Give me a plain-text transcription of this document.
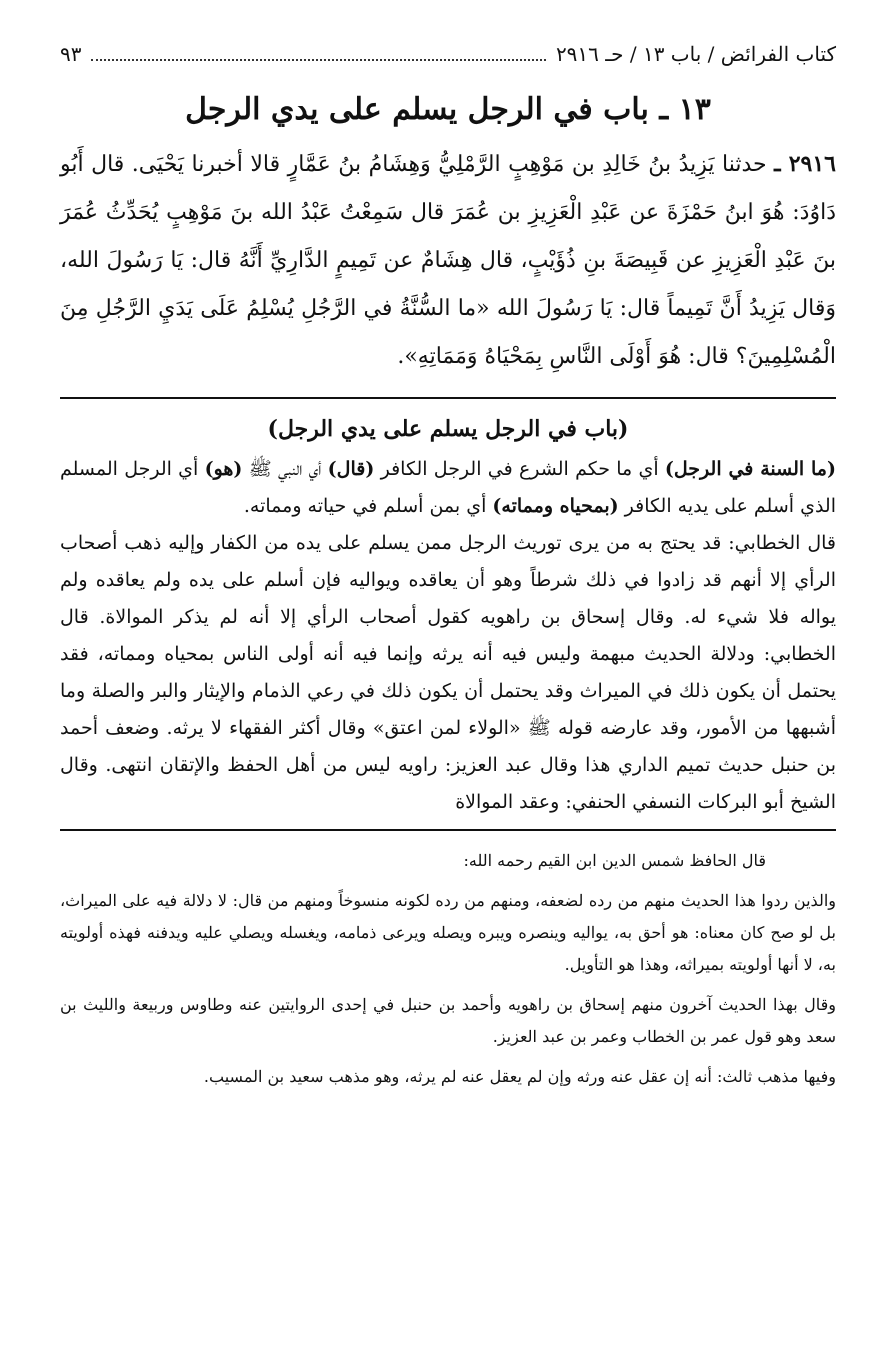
كتاب الفرائض / باب ١٣ / حـ ٢٩١٦
٩٣
١٣ ـ باب في الرجل يسلم على يدي الرجل

٢٩١٦ ـ حدثنا يَزِيدُ بنُ خَالِدِ بن مَوْهِبٍ الرَّمْلِيُّ وَهِشَامُ بنُ عَمَّارٍ قالا أخبرنا يَحْيَى. قال أَبُو دَاوُدَ: هُوَ ابنُ حَمْزَةَ عن عَبْدِ الْعَزِيزِ بن عُمَرَ قال سَمِعْتُ عَبْدُ الله بنَ مَوْهِبٍ يُحَدِّثُ عُمَرَ بنَ عَبْدِ الْعَزِيزِ عن قَبِيصَةَ بنِ ذُؤَيْبٍ، قال هِشَامٌ عن تَمِيمٍ الدَّارِيِّ أَنَّهُ قال: يَا رَسُولَ الله، وَقال يَزِيدُ أَنَّ تَمِيماً قال: يَا رَسُولَ الله «ما السُّنَّةُ في الرَّجُلِ يُسْلِمُ عَلَى يَدَيِ الرَّجُلِ مِنَ الْمُسْلِمِينَ؟ قال: هُوَ أَوْلَى النَّاسِ بِمَحْيَاهُ وَمَمَاتِهِ».

(باب في الرجل يسلم على يدي الرجل)

(ما السنة في الرجل) أي ما حكم الشرع في الرجل الكافر (قال) أي النبي ﷺ (هو) أي الرجل المسلم الذي أسلم على يديه الكافر (بمحياه ومماته) أي بمن أسلم في حياته ومماته.

قال الخطابي: قد يحتج به من يرى توريث الرجل ممن يسلم على يده من الكفار وإليه ذهب أصحاب الرأي إلا أنهم قد زادوا في ذلك شرطاً وهو أن يعاقده ويواليه فإن أسلم على يده ولم يعاقده ولم يواله فلا شيء له. وقال إسحاق بن راهويه كقول أصحاب الرأي إلا أنه لم يذكر الموالاة. قال الخطابي: ودلالة الحديث مبهمة وليس فيه أنه يرثه وإنما فيه أنه أولى الناس بمحياه ومماته، فقد يحتمل أن يكون ذلك في الميراث وقد يحتمل أن يكون ذلك في رعي الذمام والإيثار والبر والصلة وما أشبهها من الأمور، وقد عارضه قوله ﷺ «الولاء لمن اعتق» وقال أكثر الفقهاء لا يرثه. وضعف أحمد بن حنبل حديث تميم الداري هذا وقال عبد العزيز: راويه ليس من أهل الحفظ والإتقان انتهى. وقال الشيخ أبو البركات النسفي الحنفي: وعقد الموالاة

قال الحافظ شمس الدين ابن القيم رحمه الله:

والذين ردوا هذا الحديث منهم من رده لضعفه، ومنهم من رده لكونه منسوخاً ومنهم من قال: لا دلالة فيه على الميراث، بل لو صح كان معناه: هو أحق به، يواليه وينصره ويبره ويصله ويرعى ذمامه، ويغسله ويصلي عليه ويدفنه فهذه أولويته به، لا أنها أولويته بميراثه، وهذا هو التأويل.

وقال بهذا الحديث آخرون منهم إسحاق بن راهويه وأحمد بن حنبل في إحدى الروايتين عنه وطاوس وربيعة والليث بن سعد وهو قول عمر بن الخطاب وعمر بن عبد العزيز.

وفيها مذهب ثالث: أنه إن عقل عنه ورثه وإن لم يعقل عنه لم يرثه، وهو مذهب سعيد بن المسيب.
